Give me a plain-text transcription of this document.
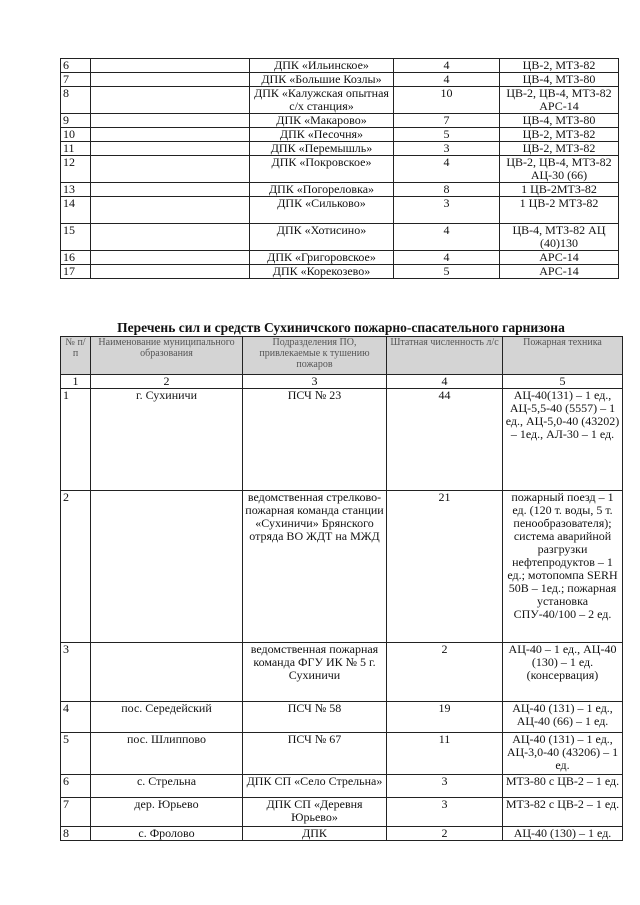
6		ДПК «Ильинское»	4	ЦВ-2, МТЗ-82
7		ДПК «Большие Козлы»	4	ЦВ-4, МТЗ-80
8		ДПК «Калужская опытная с/х станция»	10	ЦВ-2, ЦВ-4, МТЗ-82 АРС-14
9		ДПК «Макарово»	7	ЦВ-4, МТЗ-80
10		ДПК «Песочня»	5	ЦВ-2, МТЗ-82
11		ДПК «Перемышль»	3	ЦВ-2, МТЗ-82
12		ДПК «Покровское»	4	ЦВ-2, ЦВ-4, МТЗ-82 АЦ-30 (66)
13		ДПК «Погореловка»	8	1 ЦВ-2МТЗ-82
14		ДПК «Сильково»	3	1 ЦВ-2 МТЗ-82
15		ДПК «Хотисино»	4	ЦВ-4, МТЗ-82 АЦ (40)130
16		ДПК «Григоровское»	4	АРС-14
17		ДПК «Корекозево»	5	АРС-14
Перечень сил и средств Сухиничского пожарно-спасательного гарнизона
№ п/п	Наименование муниципального образования	Подразделения ПО, привлекаемые к тушению пожаров	Штатная численность л/с	Пожарная техника
1	2	3	4	5
1	г. Сухиничи	ПСЧ № 23	44	АЦ-40(131) – 1 ед., АЦ-5,5-40 (5557) – 1 ед., АЦ-5,0-40 (43202) – 1ед., АЛ-30 – 1 ед.
2		ведомственная стрелково-пожарная команда станции «Сухиничи» Брянского отряда ВО ЖДТ на МЖД	21	пожарный поезд – 1 ед. (120 т. воды, 5 т. пенообразователя); система аварийной разгрузки нефтепродуктов – 1 ед.; мотопомпа SERH 50В – 1ед.; пожарная установка СПУ-40/100 – 2 ед.
3		ведомственная пожарная команда ФГУ ИК № 5 г. Сухиничи	2	АЦ-40 – 1 ед., АЦ-40 (130) – 1 ед. (консервация)
4	пос. Середейский	ПСЧ № 58	19	АЦ-40 (131) – 1 ед., АЦ-40 (66) – 1 ед.
5	пос. Шлиппово	ПСЧ № 67	11	АЦ-40 (131) – 1 ед., АЦ-3,0-40 (43206) – 1 ед.
6	с. Стрельна	ДПК СП «Село Стрельна»	3	МТЗ-80 с ЦВ-2 – 1 ед.
7	дер. Юрьево	ДПК СП «Деревня Юрьево»	3	МТЗ-82 с ЦВ-2 – 1 ед.
8	с. Фролово	ДПК	2	АЦ-40 (130) – 1 ед.
